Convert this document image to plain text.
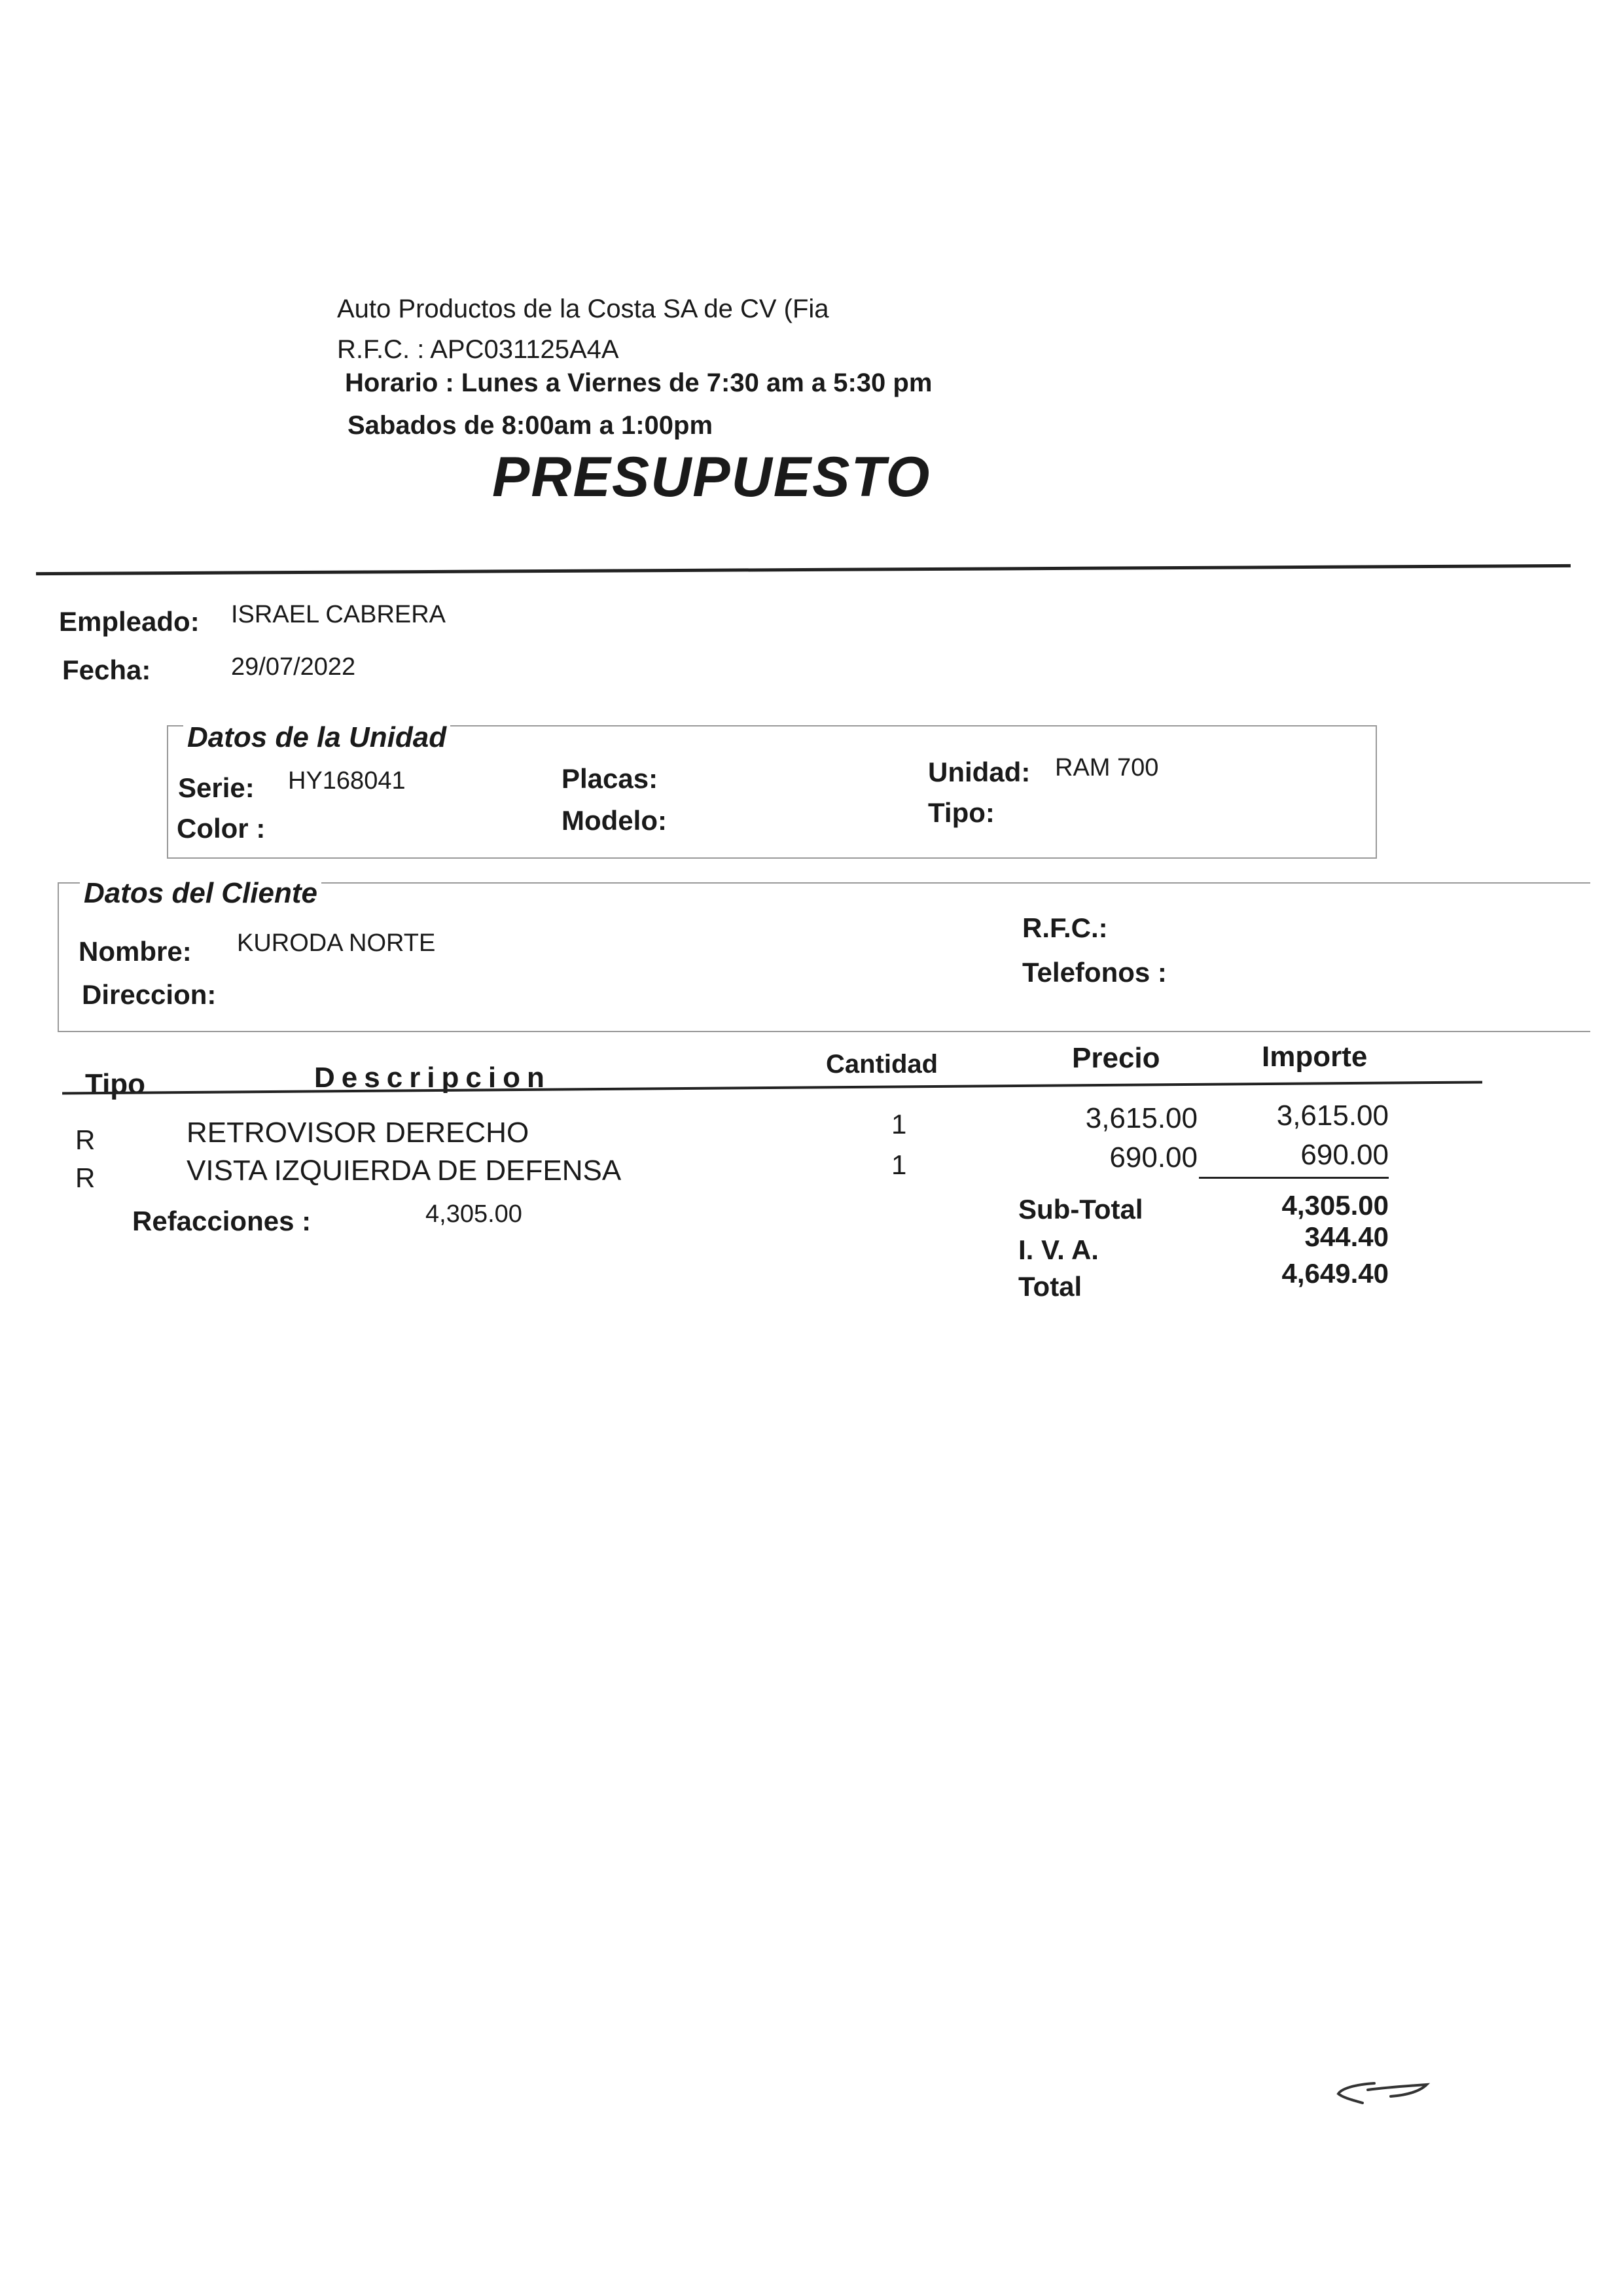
Auto Productos de la Costa SA de CV (Fia
R.F.C. : APC031125A4A
Horario : Lunes a Viernes de 7:30 am a 5:30 pm
Sabados de 8:00am a 1:00pm
PRESUPUESTO
Empleado: ISRAEL CABRERA
Fecha:	29/07/2022
Datos de la Unidad
Serie: HY168041
Color :
Placas:
Modelo:
Unidad: RAM 700
Tipo:
Datos del Cliente
Nombre: KURODA NORTE
Direccion:
R.F.C.:
Telefonos :
Tipo	Descripcion	Cantidad	Precio	Importe
R	RETROVISOR DERECHO	1	3,615.00	3,615.00
R	VISTA IZQUIERDA DE DEFENSA	1	690.00	690.00
Refacciones :	4,305.00	Sub-Total	4,305.00
I. V. A.	344.40
Total	4,649.40
